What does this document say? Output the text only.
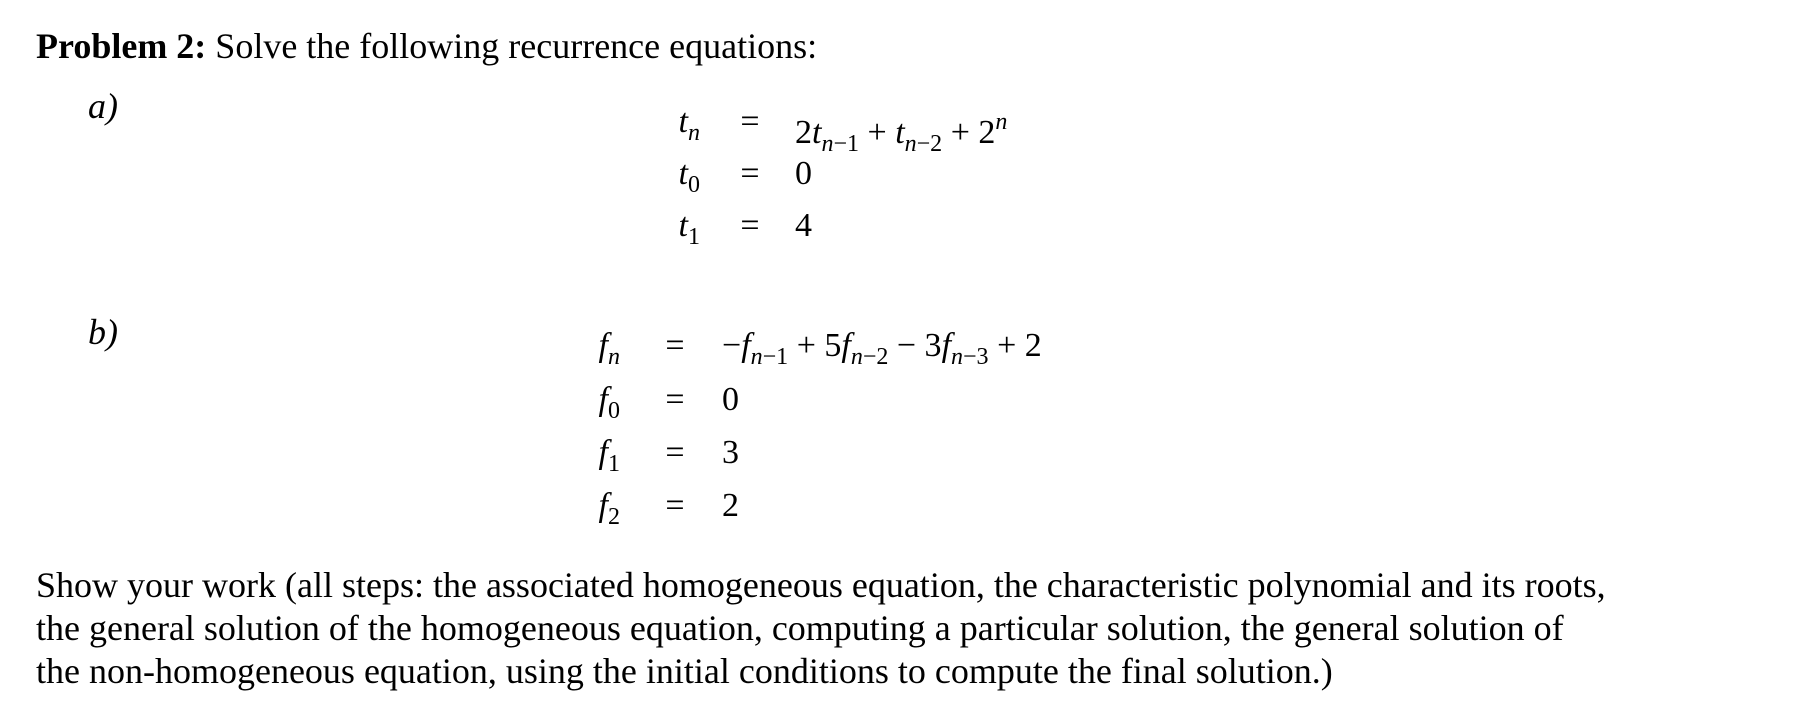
Problem 2: Solve the following recurrence equations:
a)	$t_n$	=	$2t_{n-1} + t_{n-2} + 2^n$
$t_0$	=	0
$t_1$	=	4
b)	$f_n$	=	$-f_{n-1} + 5f_{n-2} - 3f_{n-3} + 2$
$f_0$	=	0
$f_1$	=	3
$f_2$	=	2
Show your work (all steps: the associated homogeneous equation, the characteristic polynomial and its roots,
the general solution of the homogeneous equation, computing a particular solution, the general solution of
the non-homogeneous equation, using the initial conditions to compute the final solution.)
